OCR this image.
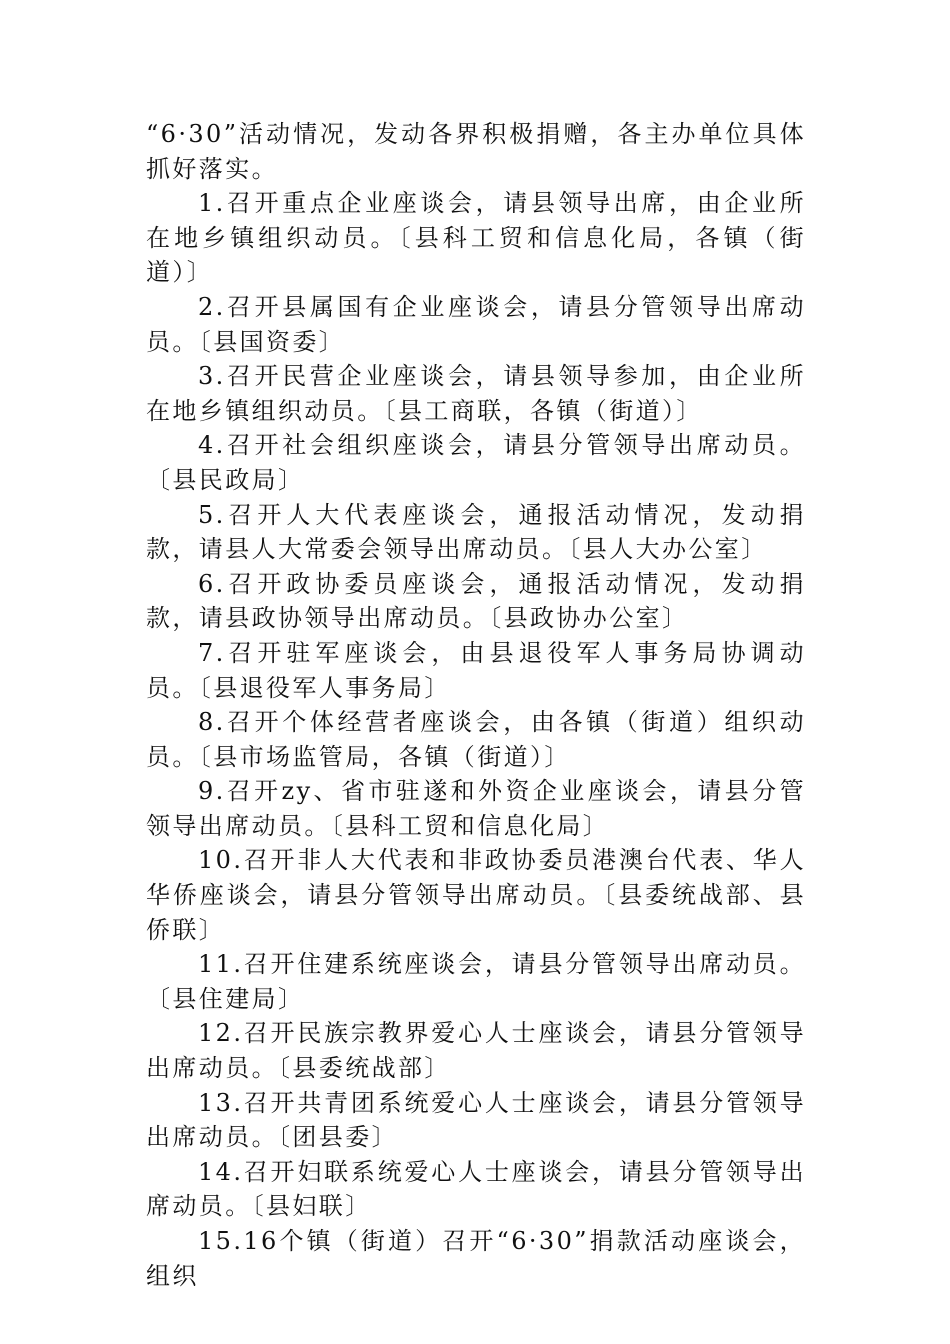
“6·30”活动情况，发动各界积极捐赠，各主办单位具体抓好落实。

1.召开重点企业座谈会，请县领导出席，由企业所在地乡镇组织动员。〔县科工贸和信息化局，各镇（街道）〕

2.召开县属国有企业座谈会，请县分管领导出席动员。〔县国资委〕

3.召开民营企业座谈会，请县领导参加，由企业所在地乡镇组织动员。〔县工商联，各镇（街道）〕

4.召开社会组织座谈会，请县分管领导出席动员。〔县民政局〕

5.召开人大代表座谈会，通报活动情况，发动捐款，请县人大常委会领导出席动员。〔县人大办公室〕

6.召开政协委员座谈会，通报活动情况，发动捐款，请县政协领导出席动员。〔县政协办公室〕

7.召开驻军座谈会，由县退役军人事务局协调动员。〔县退役军人事务局〕

8.召开个体经营者座谈会，由各镇（街道）组织动员。〔县市场监管局，各镇（街道）〕

9.召开zy、省市驻遂和外资企业座谈会，请县分管领导出席动员。〔县科工贸和信息化局〕

10.召开非人大代表和非政协委员港澳台代表、华人华侨座谈会，请县分管领导出席动员。〔县委统战部、县侨联〕

11.召开住建系统座谈会，请县分管领导出席动员。〔县住建局〕

12.召开民族宗教界爱心人士座谈会，请县分管领导出席动员。〔县委统战部〕

13.召开共青团系统爱心人士座谈会，请县分管领导出席动员。〔团县委〕

14.召开妇联系统爱心人士座谈会，请县分管领导出席动员。〔县妇联〕

15.16个镇（街道）召开“6·30”捐款活动座谈会，组织
